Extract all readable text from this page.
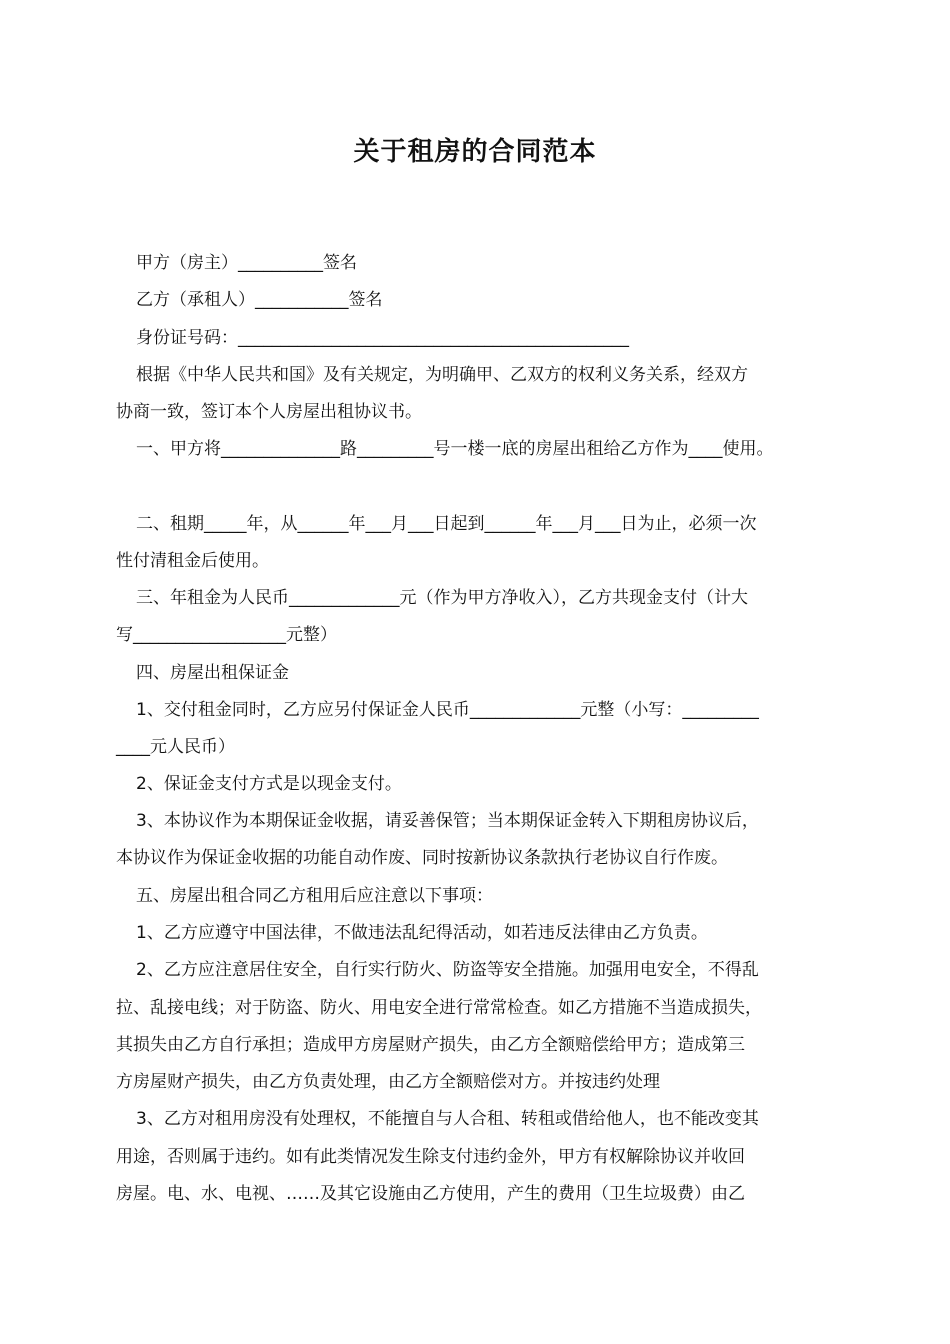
关于租房的合同范本
甲方（房主）__________签名
乙方（承租人）___________签名
身份证号码：______________________________________________
根据《中华人民共和国》及有关规定，为明确甲、乙双方的权利义务关系，经双方
协商一致，签订本个人房屋出租协议书。
一、甲方将______________路_________号一楼一底的房屋出租给乙方作为____使用。
二、租期_____年，从______年___月___日起到______年___月___日为止，必须一次
性付清租金后使用。
三、年租金为人民币_____________元（作为甲方净收入），乙方共现金支付（计大
写__________________元整）
四、房屋出租保证金
1、交付租金同时，乙方应另付保证金人民币_____________元整（小写：_________
____元人民币）
2、保证金支付方式是以现金支付。
3、本协议作为本期保证金收据，请妥善保管；当本期保证金转入下期租房协议后，
本协议作为保证金收据的功能自动作废、同时按新协议条款执行老协议自行作废。
五、房屋出租合同乙方租用后应注意以下事项：
1、乙方应遵守中国法律，不做违法乱纪得活动，如若违反法律由乙方负责。
2、乙方应注意居住安全，自行实行防火、防盗等安全措施。加强用电安全，不得乱
拉、乱接电线；对于防盗、防火、用电安全进行常常检查。如乙方措施不当造成损失，
其损失由乙方自行承担；造成甲方房屋财产损失，由乙方全额赔偿给甲方；造成第三
方房屋财产损失，由乙方负责处理，由乙方全额赔偿对方。并按违约处理
3、乙方对租用房没有处理权，不能擅自与人合租、转租或借给他人，也不能改变其
用途，否则属于违约。如有此类情况发生除支付违约金外，甲方有权解除协议并收回
房屋。电、水、电视、……及其它设施由乙方使用，产生的费用（卫生垃圾费）由乙
